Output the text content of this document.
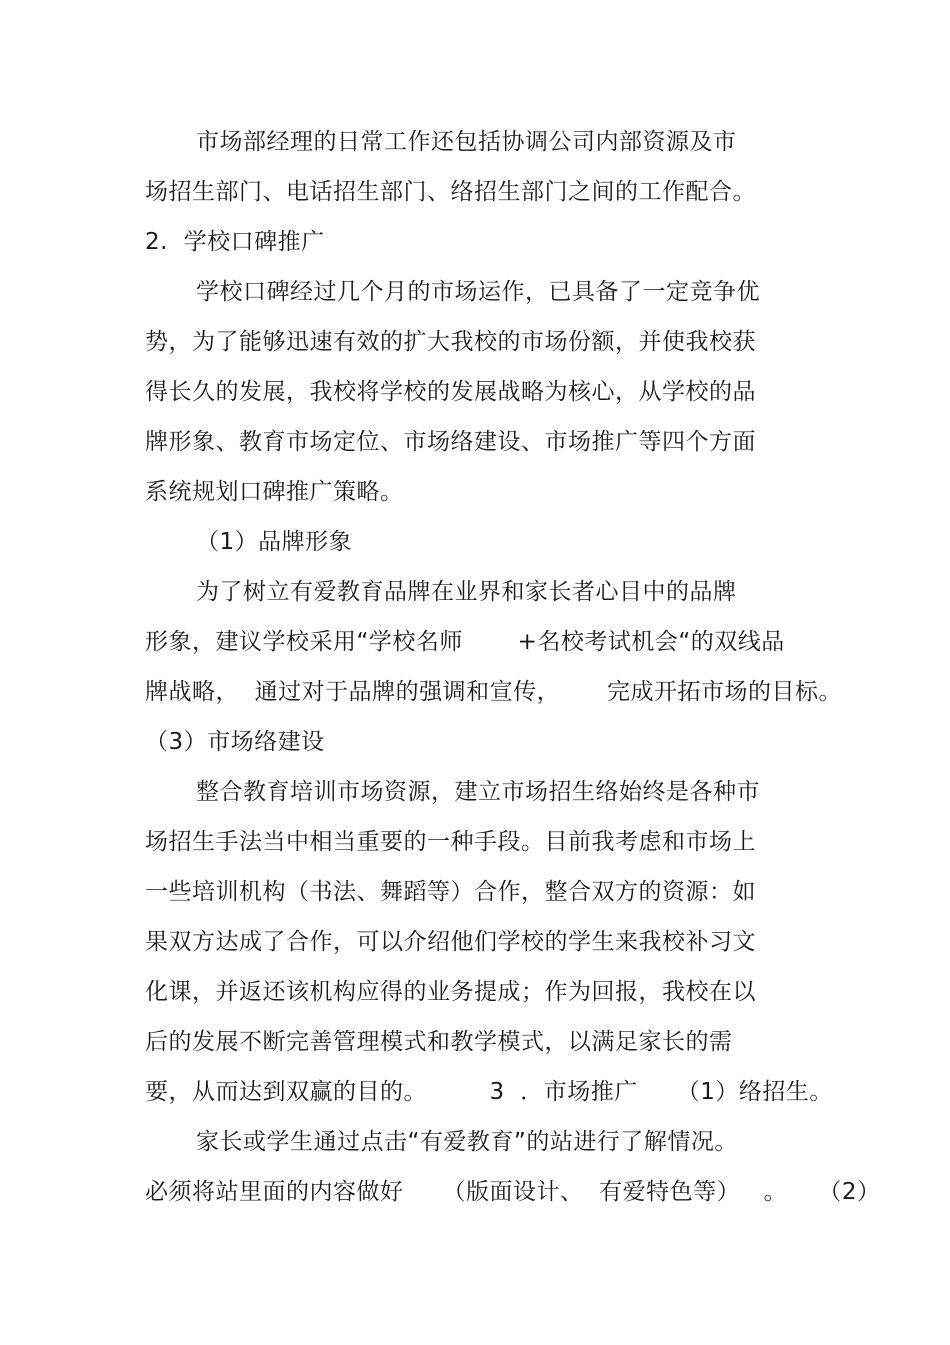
市场部经理的日常工作还包括协调公司内部资源及市
场招生部门、电话招生部门、络招生部门之间的工作配合。
2.  学校口碑推广
学校口碑经过几个月的市场运作，已具备了一定竞争优
势，为了能够迅速有效的扩大我校的市场份额，并使我校获
得长久的发展，我校将学校的发展战略为核心，从学校的品
牌形象、教育市场定位、市场络建设、市场推广等四个方面
系统规划口碑推广策略。
（1）品牌形象
为了树立有爱教育品牌在业界和家长者心目中的品牌
形象，建议学校采用“学校名师       +名校考试机会“的双线品
牌战略，  通过对于品牌的强调和宣传，      完成开拓市场的目标。
（3）市场络建设
整合教育培训市场资源，建立市场招生络始终是各种市
场招生手法当中相当重要的一种手段。目前我考虑和市场上
一些培训机构（书法、舞蹈等）合作，整合双方的资源：如
果双方达成了合作，可以介绍他们学校的学生来我校补习文
化课，并返还该机构应得的业务提成；作为回报，我校在以
后的发展不断完善管理模式和教学模式，以满足家长的需
要，从而达到双赢的目的。        3  ．市场推广     （1）络招生。
家长或学生通过点击“有爱教育”的站进行了解情况。
必须将站里面的内容做好     （版面设计、  有爱特色等）   。    （2）
